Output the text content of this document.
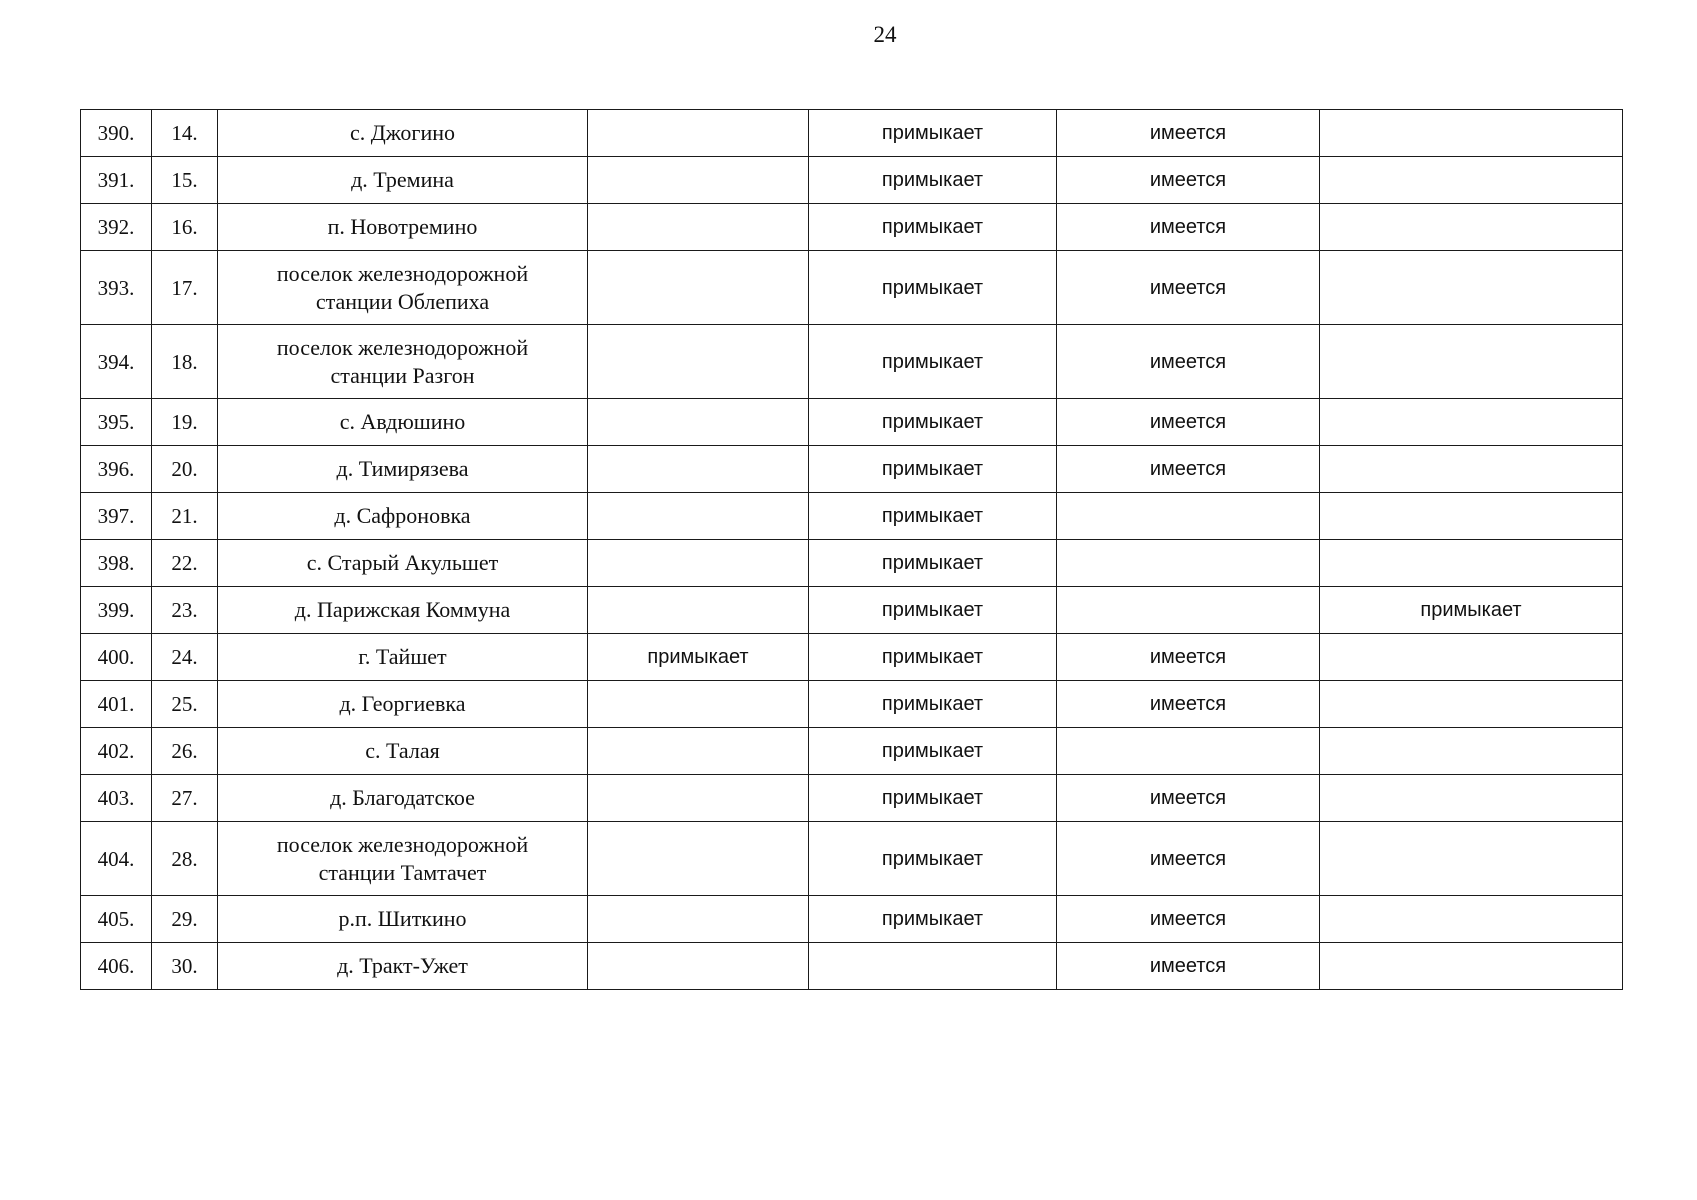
24
390.	14.	с. Джогино		примыкает	имеется	
391.	15.	д. Тремина		примыкает	имеется	
392.	16.	п. Новотремино		примыкает	имеется	
393.	17.	поселок железнодорожной
станции Облепиха		примыкает	имеется	
394.	18.	поселок железнодорожной
станции Разгон		примыкает	имеется	
395.	19.	с. Авдюшино		примыкает	имеется	
396.	20.	д. Тимирязева		примыкает	имеется	
397.	21.	д. Сафроновка		примыкает		
398.	22.	с. Старый Акульшет		примыкает		
399.	23.	д. Парижская Коммуна		примыкает		примыкает
400.	24.	г. Тайшет	примыкает	примыкает	имеется	
401.	25.	д. Георгиевка		примыкает	имеется	
402.	26.	с. Талая		примыкает		
403.	27.	д. Благодатское		примыкает	имеется	
404.	28.	поселок железнодорожной
станции Тамтачет		примыкает	имеется	
405.	29.	р.п. Шиткино		примыкает	имеется	
406.	30.	д. Тракт-Ужет			имеется	
